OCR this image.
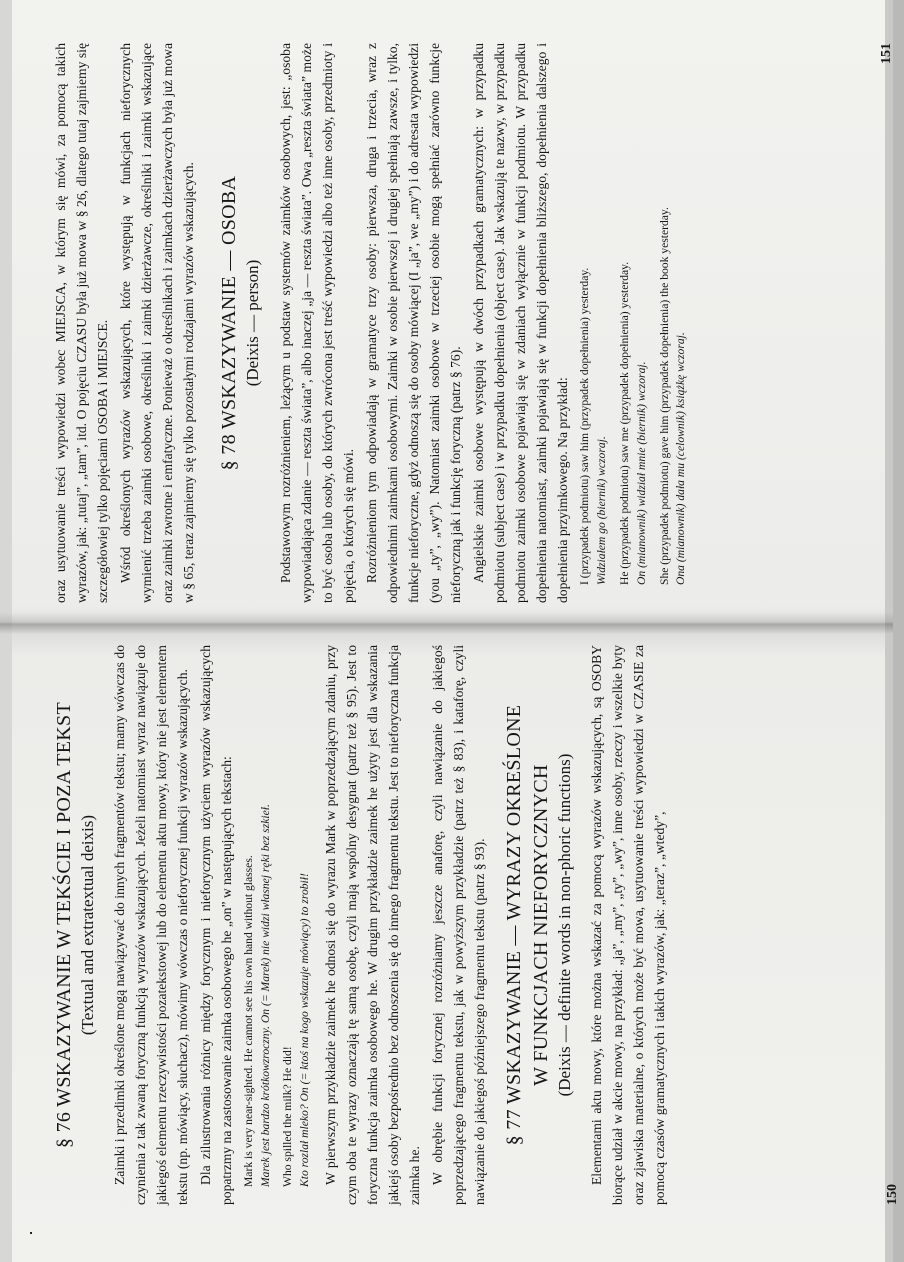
§ 76 WSKAZYWANIE W TEKŚCIE I POZA TEKST (Textual and extratextual deixis) Zaimki i przedimki określone mogą nawiązywać do innych fragmentów tekstu; mamy wówczas do czynienia z tak zwaną foryczną funkcją wyrazów wskazujących. Jeżeli natomiast wyraz nawiązuje do jakiegoś elementu rzeczywistości pozatekstowej lub do elementu aktu mowy, który nie jest elementem tekstu (np. mówiący, słuchacz), mówimy wówczas o nieforycznej funkcji wyrazów wskazujących. Dla zilustrowania różnicy między forycznym i nieforycznym użyciem wyrazów wskazujących popatrzmy na zastosowanie zaimka osobowego he „on” w następujących tekstach: Mark is very near-sighted. He cannot see his own hand without glasses. Marek jest bardzo krótkowzroczny. On (= Marek) nie widzi własnej ręki bez szkieł. Who spilled the milk? He did! Kto rozlał mleko? On (= ktoś na kogo wskazuje mówiący) to zrobił! W pierwszym przykładzie zaimek he odnosi się do wyrazu Mark w poprzedzającym zdaniu, przy czym oba te wyrazy oznaczają tę samą osobę, czyli mają wspólny desygnat (patrz też § 95). Jest to foryczna funkcja zaimka osobowego he. W drugim przykładzie zaimek he użyty jest dla wskazania jakiejś osoby bezpośrednio bez odnoszenia się do innego fragmentu tekstu. Jest to nieforyczna funkcja zaimka he. W obrębie funkcji forycznej rozróżniamy jeszcze anaforę, czyli nawiązanie do jakiegoś poprzedzającego fragmentu tekstu, jak w powyższym przykładzie (patrz też § 83), i kataforę, czyli nawiązanie do jakiegoś późniejszego fragmentu tekstu (patrz § 93). § 77 WSKAZYWANIE — WYRAZY OKREŚLONE W FUNKCJACH NIEFORYCZNYCH (Deixis — definite words in non-phoric functions) Elementami aktu mowy, które można wskazać za pomocą wyrazów wskazujących, są OSOBY biorące udział w akcie mowy, na przykład: „ja”, „my”, „ty”, „wy”, inne osoby, rzeczy i wszelkie byty oraz zjawiska materialne, o których może być mowa, usytuowanie treści wypowiedzi w CZASIE za pomocą czasów gramatycznych i takich wyrazów, jak: „teraz”, „wtedy”,	150

oraz usytuowanie treści wypowiedzi wobec MIEJSCA, w którym się mówi, za pomocą takich wyrazów, jak: „tutaj”, „tam”, itd. O pojęciu CZASU była już mowa w § 26, dlatego tutaj zajmiemy się szczegółowiej tylko pojęciami OSOBA i MIEJSCE. Wśród określonych wyrazów wskazujących, które występują w funkcjach nieforycznych wymienić trzeba zaimki osobowe, określniki i zaimki dzierżawcze, określniki i zaimki wskazujące oraz zaimki zwrotne i emfatyczne. Ponieważ o określnikach i zaimkach dzierżawczych była już mowa w § 65, teraz zajmiemy się tylko pozostałymi rodzajami wyrazów wskazujących. § 78 WSKAZYWANIE — OSOBA (Deixis — person) Podstawowym rozróżnieniem, leżącym u podstaw systemów zaimków osobowych, jest: „osoba wypowiadająca zdanie — reszta świata”, albo inaczej „ja — reszta świata”. Owa „reszta świata” może to być osoba lub osoby, do których zwrócona jest treść wypowiedzi albo też inne osoby, przedmioty i pojęcia, o których się mówi. Rozróżnieniom tym odpowiadają w gramatyce trzy osoby: pierwsza, druga i trzecia, wraz z odpowiednimi zaimkami osobowymi. Zaimki w osobie pierwszej i drugiej spełniają zawsze, i tylko, funkcje nieforyczne, gdyż odnoszą się do osoby mówiącej (I „ja”, we „my”) i do adresata wypowiedzi (you „ty”, „wy”). Natomiast zaimki osobowe w trzeciej osobie mogą spełniać zarówno funkcje nieforyczną jak i funkcję foryczną (patrz § 76). Angielskie zaimki osobowe występują w dwóch przypadkach gramatycznych: w przypadku podmiotu (subject case) i w przypadku dopełnienia (object case). Jak wskazują te nazwy, w przypadku podmiotu zaimki osobowe pojawiają się w zdaniach wyłącznie w funkcji podmiotu. W przypadku dopełnienia natomiast, zaimki pojawiają się w funkcji dopełnienia bliższego, dopełnienia dalszego i dopełnienia przyimkowego. Na przykład: I (przypadek podmiotu) saw him (przypadek dopełnienia) yesterday. Widziałem go (biernik) wczoraj. He (przypadek podmiotu) saw me (przypadek dopełnienia) yesterday. On (mianownik) widział mnie (biernik) wczoraj. She (przypadek podmiotu) gave him (przypadek dopełnienia) the book yesterday. Ona (mianownik) dała mu (celownik) książkę wczoraj.
151
